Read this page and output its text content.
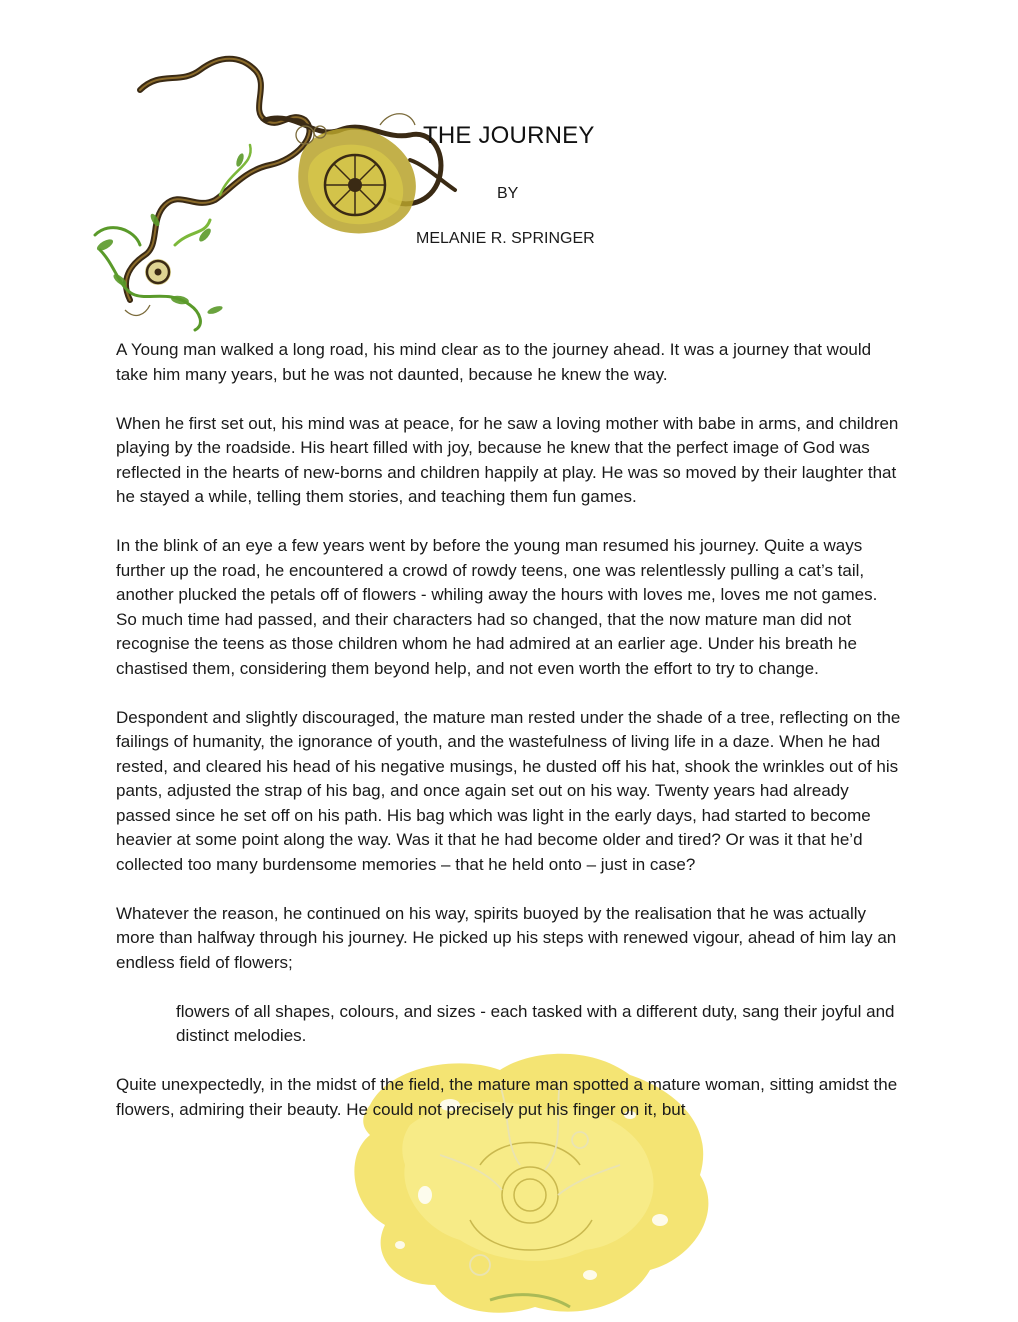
THE JOURNEY
BY
MELANIE R. SPRINGER

A Young man walked a long road, his mind clear as to the journey ahead. It was a journey that would take him many years, but he was not daunted, because he knew the way.

When he first set out, his mind was at peace, for he saw a loving mother with babe in arms, and children playing by the roadside. His heart filled with joy, because he knew that the perfect image of God was reflected in the hearts of new-borns and children happily at play. He was so moved by their laughter that he stayed a while, telling them stories, and teaching them fun games.

In the blink of an eye a few years went by before the young man resumed his journey. Quite a ways further up the road, he encountered a crowd of rowdy teens, one was relentlessly pulling a cat’s tail, another plucked the petals off of flowers - whiling away the hours with loves me, loves me not games. So much time had passed, and their characters had so changed, that the now mature man did not recognise the teens as those children whom he had admired at an earlier age. Under his breath he chastised them, considering them beyond help, and not even worth the effort to try to change.

Despondent and slightly discouraged, the mature man rested under the shade of a tree, reflecting on the failings of humanity, the ignorance of youth, and the wastefulness of living life in a daze. When he had rested, and cleared his head of his negative musings, he dusted off his hat, shook the wrinkles out of his pants, adjusted the strap of his bag, and once again set out on his way. Twenty years had already passed since he set off on his path. His bag which was light in the early days, had started to become heavier at some point along the way. Was it that he had become older and tired? Or was it that he’d collected too many burdensome memories – that he held onto – just in case?

Whatever the reason, he continued on his way, spirits buoyed by the realisation that he was actually more than halfway through his journey. He picked up his steps with renewed vigour, ahead of him lay an endless field of flowers;

flowers of all shapes, colours, and sizes - each tasked with a different duty, sang their joyful and distinct melodies.

Quite unexpectedly, in the midst of the field, the mature man spotted a mature woman, sitting amidst the flowers, admiring their beauty. He could not precisely put his finger on it, but
